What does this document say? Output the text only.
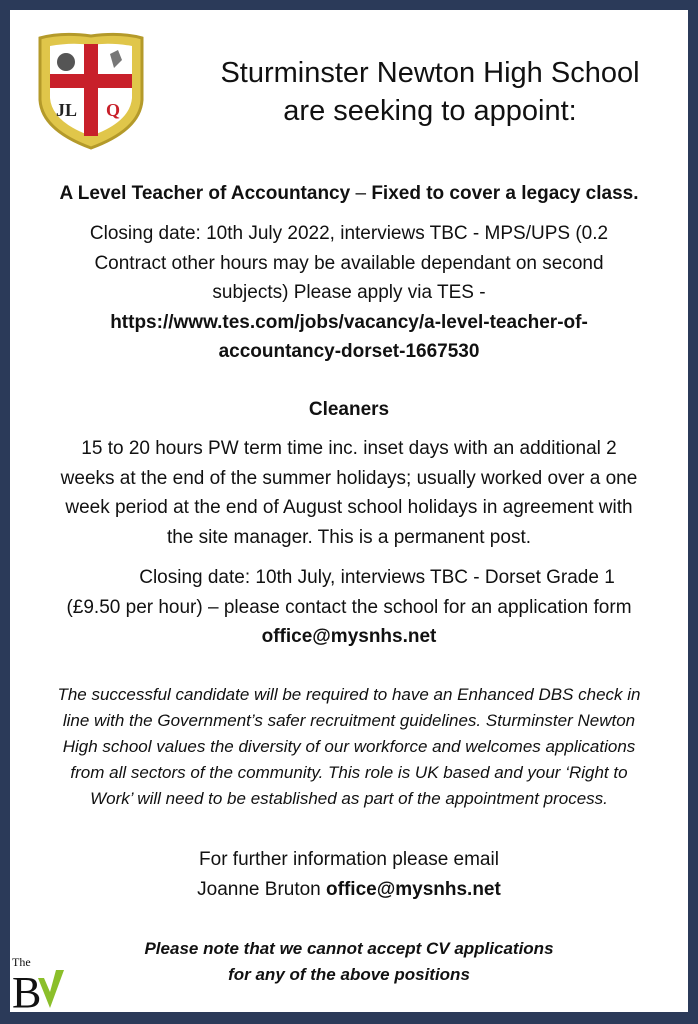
JL Q
Sturminster Newton High School
are seeking to appoint:
A Level Teacher of Accountancy – Fixed to cover a legacy class.
Closing date: 10th July 2022, interviews TBC - MPS/UPS (0.2
Contract other hours may be available dependant on second
subjects) Please apply via TES -
https://www.tes.com/jobs/vacancy/a-level-teacher-of-
accountancy-dorset-1667530
Cleaners
15 to 20 hours PW term time inc. inset days with an additional 2
weeks at the end of the summer holidays; usually worked over a one
week period at the end of August school holidays in agreement with
the site manager. This is a permanent post.
Closing date: 10th July, interviews TBC - Dorset Grade 1
(£9.50 per hour) – please contact the school for an application form
office@mysnhs.net
The successful candidate will be required to have an Enhanced DBS check in
line with the Government’s safer recruitment guidelines. Sturminster Newton
High school values the diversity of our workforce and welcomes applications
from all sectors of the community. This role is UK based and your ‘Right to
Work’ will need to be established as part of the appointment process.
For further information please email
Joanne Bruton office@mysnhs.net
Please note that we cannot accept CV applications
for any of the above positions
The
B
